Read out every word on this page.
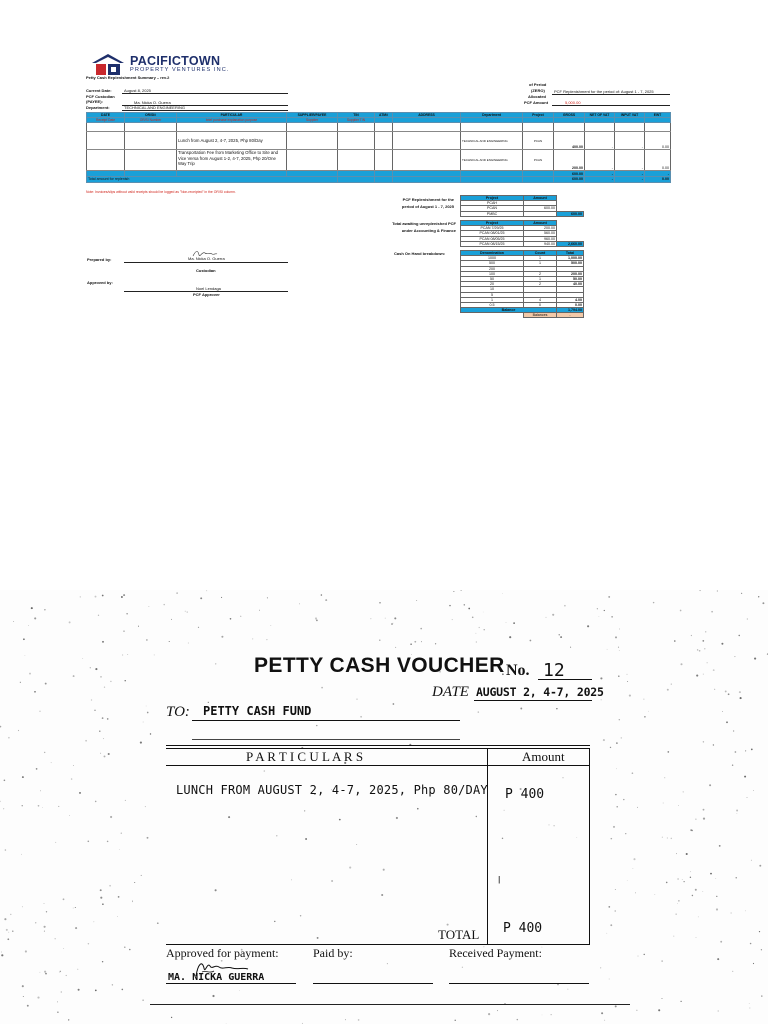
PACIFICTOWN
PROPERTY VENTURES INC.
Petty Cash Replenishment Summary – rev.2
Current Date:	August 8, 2025
PCF Custodian
(PAYEE):	Ma. Nicka O. Guerra
Department:	TECHNICAL AND ENGINEERING
of Period
(ZERO) PCF Replenishment for the period of: August 1 - 7, 2025
Allocated
PCF Amount	5,000.00
DATE	OR/SI#	PARTICULAR	SUPPLIER/PAYEE	TIN	ATM#	ADDRESS	Department	Project	GROSS	NET OF VAT	INPUT VAT	EWT
Receipt Date	OR/SI Number	brief purchase explanation purpose	Supplier	Supplier TIN								

		Lunch from August 2, 4-7, 2025, Php 80/Day					TECHNICAL AND ENGINEERING	PCAN	400.00	-	-	0.00
		Transportation Fee from Marketing Office to Site and Vice Versa from August 1-2, 4-7, 2025, Php 20/One Way Trip					TECHNICAL AND ENGINEERING	PCAN	200.00	-	-	0.00
									600.00	-	-	-
Total amount for replenish									600.00	-	-	0.00
Note: Invoices/slips without valid receipts should be logged as "Non-receipted" in the OR/SI column.
PCF Replenishment for the period of August 1 - 7, 2025
Project	Amount	
PCAH		
PCAN	600.00	
PMBC		600.00
Total awaiting unreplenished PCF under Accounting & Finance
Project	Amount	
PCAN 7/29/25	200.00	
PCAN 08/01/25	560.00	
PCAN 08/05/25	960.00	
PCAN 08/15/25	940.00	2,660.00
Cash On Hand breakdown:	Denomination	Count	Total
1000	1	1,000.00
500	1	500.00
200		
100	2	200.00
50	1	50.00
20	2	40.00
10		
5		
1	4	4.00
0.5	0	0.00
Balance		1,794.00
	Balances	-
Prepared by:	Ma. Nicka O. Guerra
Custodian
Approved by:
Noel Lendaga
PCF Approver
PETTY CASH VOUCHER No. 12
DATE AUGUST 2, 4-7, 2025
TO: PETTY CASH FUND
P A R T I C U L A R S	Amount
LUNCH FROM AUGUST 2, 4-7, 2025, Php 80/DAY P 400
ǀ
TOTAL P 400
Approved for payment:	Paid by:	Received Payment:
MA. NICKA GUERRA
